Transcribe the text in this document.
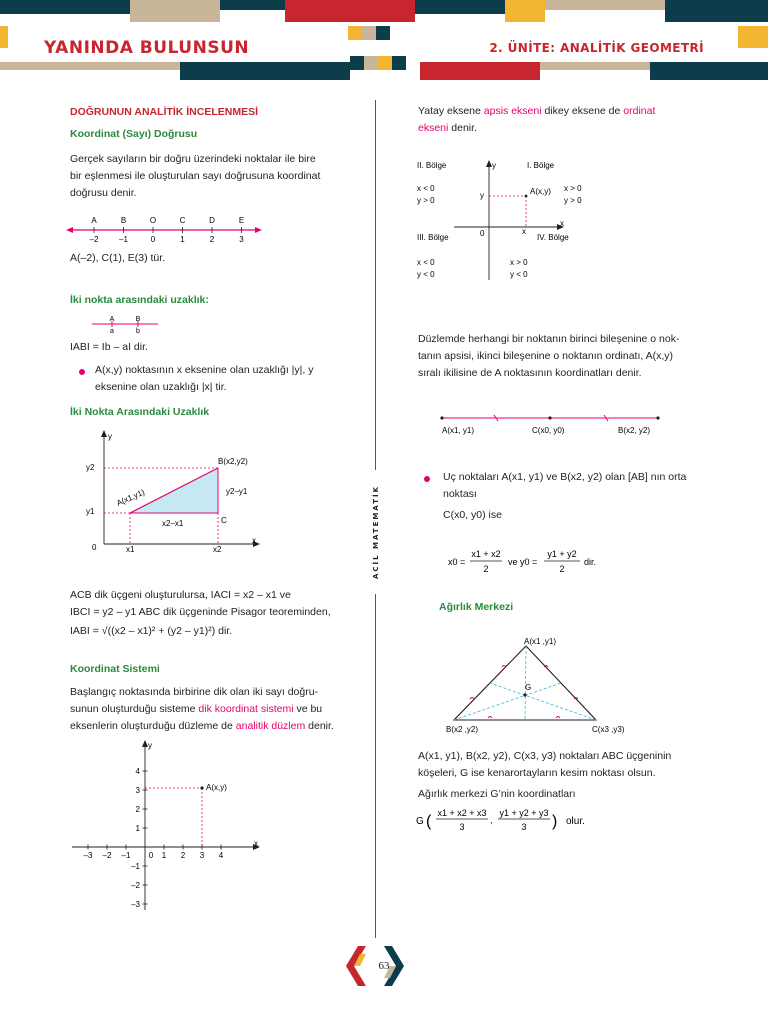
YANINDA BULUNSUN	2. ÜNİTE: ANALİTİK GEOMETRİ
ACİL MATEMATİK
DOĞRUNUN ANALİTİK İNCELENMESİ
Koordinat (Sayı) Doğrusu

Gerçek sayıların bir doğru üzerindeki noktalar ile bire
bir eşlenmesi ile oluşturulan sayı doğrusuna koordinat
doğrusu denir.

A
–2
B
–1
O
0
C
1
D
2
E
3

A(–2), C(1), E(3) tür.

İki nokta arasındaki uzaklık:
A	B
a	b

IABI = Ib – aI dir.

A(x,y) noktasının x eksenine olan uzaklığı |y|, y
eksenine olan uzaklığı |x| tir.

İki Nokta Arasındaki Uzaklık
y
x
0
y2
y1
x1	x2
B(x2,y2)
A(x1,y1)
C
y2–y1
x2–x1

ACB dik üçgeni oluşturulursa, IACI = x2 – x1 ve
IBCI = y2 – y1 ABC dik üçgeninde Pisagor teoreminden,

IABI = √((x2 – x1)² + (y2 – y1)²) dir.

Koordinat Sistemi

Başlangıç noktasında birbirine dik olan iki sayı doğru-
sunun oluşturduğu sisteme dik koordinat sistemi ve bu
eksenlerin oluşturduğu düzleme de analitik düzlem denir.

–3 –2 –1 0 1 2 3 4
4
3
2
1
–1
–2
–3
y
x
A(x,y)

Yatay eksene apsis ekseni dikey eksene de ordinat
ekseni denir.

II. Bölge	I. Bölge
III. Bölge	IV. Bölge
x < 0
y > 0
x > 0
y > 0
x < 0
y < 0
x > 0
y < 0
y
x
0
y
x
A(x,y)

Düzlemde herhangi bir noktanın birinci bileşenine o nok-
tanın apsisi, ikinci bileşenine o noktanın ordinatı, A(x,y)
sıralı ikilisine de A noktasının koordinatları denir.

A(x1, y1)	C(x0, y0)	B(x2, y2)

Uç noktaları A(x1, y1) ve B(x2, y2) olan [AB] nın orta
noktası

C(x0, y0) ise

x0 =
x1 + x2
2
ve y0 =
y1 + y2
2
dir.
Ağırlık Merkezi
G
A(x1 ,y1)
B(x2 ,y2)	C(x3 ,y3)

A(x1, y1), B(x2, y2), C(x3, y3) noktaları ABC üçgeninin
köşeleri, G ise kenarortayların kesim noktası olsun.

Ağırlık merkezi G’nin koordinatları

G ( x1 + x2 + x3
3
,
y1 + y2 + y3
3 ) olur.
63
